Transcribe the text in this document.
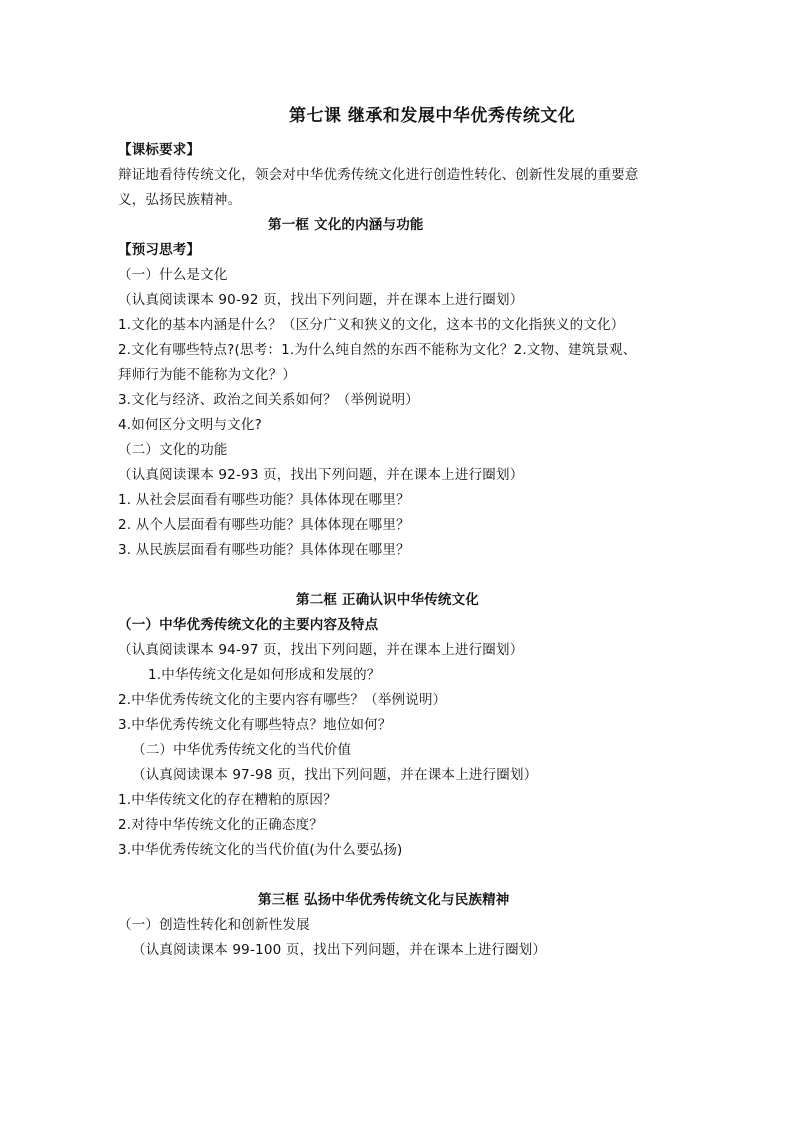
第七课 继承和发展中华优秀传统文化
【课标要求】
辩证地看待传统文化，领会对中华优秀传统文化进行创造性转化、创新性发展的重要意
义，弘扬民族精神。
第一框 文化的内涵与功能
【预习思考】
（一）什么是文化
（认真阅读课本 90-92 页，找出下列问题，并在课本上进行圈划）
1.文化的基本内涵是什么？（区分广义和狭义的文化，这本书的文化指狭义的文化）
2.文化有哪些特点?(思考：1.为什么纯自然的东西不能称为文化？2.文物、建筑景观、
拜师行为能不能称为文化？）
3.文化与经济、政治之间关系如何？（举例说明）
4.如何区分文明与文化?
（二）文化的功能
（认真阅读课本 92-93 页，找出下列问题，并在课本上进行圈划）
1. 从社会层面看有哪些功能？具体体现在哪里？
2. 从个人层面看有哪些功能？具体体现在哪里？
3. 从民族层面看有哪些功能？具体体现在哪里？
第二框 正确认识中华传统文化
（一）中华优秀传统文化的主要内容及特点
（认真阅读课本 94-97 页，找出下列问题，并在课本上进行圈划）
1.中华传统文化是如何形成和发展的？
2.中华优秀传统文化的主要内容有哪些？（举例说明）
3.中华优秀传统文化有哪些特点？地位如何？
（二）中华优秀传统文化的当代价值
（认真阅读课本 97-98 页，找出下列问题，并在课本上进行圈划）
1.中华传统文化的存在糟粕的原因？
2.对待中华传统文化的正确态度？
3.中华优秀传统文化的当代价值(为什么要弘扬)
第三框 弘扬中华优秀传统文化与民族精神
（一）创造性转化和创新性发展
（认真阅读课本 99-100 页，找出下列问题，并在课本上进行圈划）
